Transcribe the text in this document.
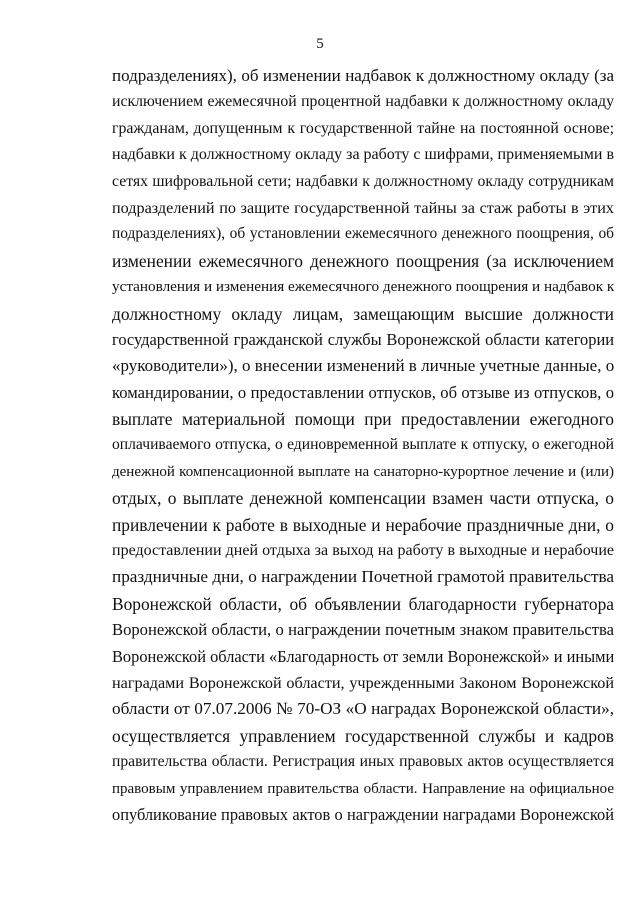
5
подразделениях), об изменении надбавок к должностному окладу (за
исключением ежемесячной процентной надбавки к должностному окладу
гражданам, допущенным к государственной тайне на постоянной основе;
надбавки к должностному окладу за работу с шифрами, применяемыми в
сетях шифровальной сети; надбавки к должностному окладу сотрудникам
подразделений по защите государственной тайны за стаж работы в этих
подразделениях), об установлении ежемесячного денежного поощрения, об
изменении ежемесячного денежного поощрения (за исключением
установления и изменения ежемесячного денежного поощрения и надбавок к
должностному окладу лицам, замещающим высшие должности
государственной гражданской службы Воронежской области категории
«руководители»), о внесении изменений в личные учетные данные, о
командировании, о предоставлении отпусков, об отзыве из отпусков, о
выплате материальной помощи при предоставлении ежегодного
оплачиваемого отпуска, о единовременной выплате к отпуску, о ежегодной
денежной компенсационной выплате на санаторно-курортное лечение и (или)
отдых, о выплате денежной компенсации взамен части отпуска, о
привлечении к работе в выходные и нерабочие праздничные дни, о
предоставлении дней отдыха за выход на работу в выходные и нерабочие
праздничные дни, о награждении Почетной грамотой правительства
Воронежской области, об объявлении благодарности губернатора
Воронежской области, о награждении почетным знаком правительства
Воронежской области «Благодарность от земли Воронежской» и иными
наградами Воронежской области, учрежденными Законом Воронежской
области от 07.07.2006 № 70-ОЗ «О наградах Воронежской области»,
осуществляется управлением государственной службы и кадров
правительства области. Регистрация иных правовых актов осуществляется
правовым управлением правительства области. Направление на официальное
опубликование правовых актов о награждении наградами Воронежской
